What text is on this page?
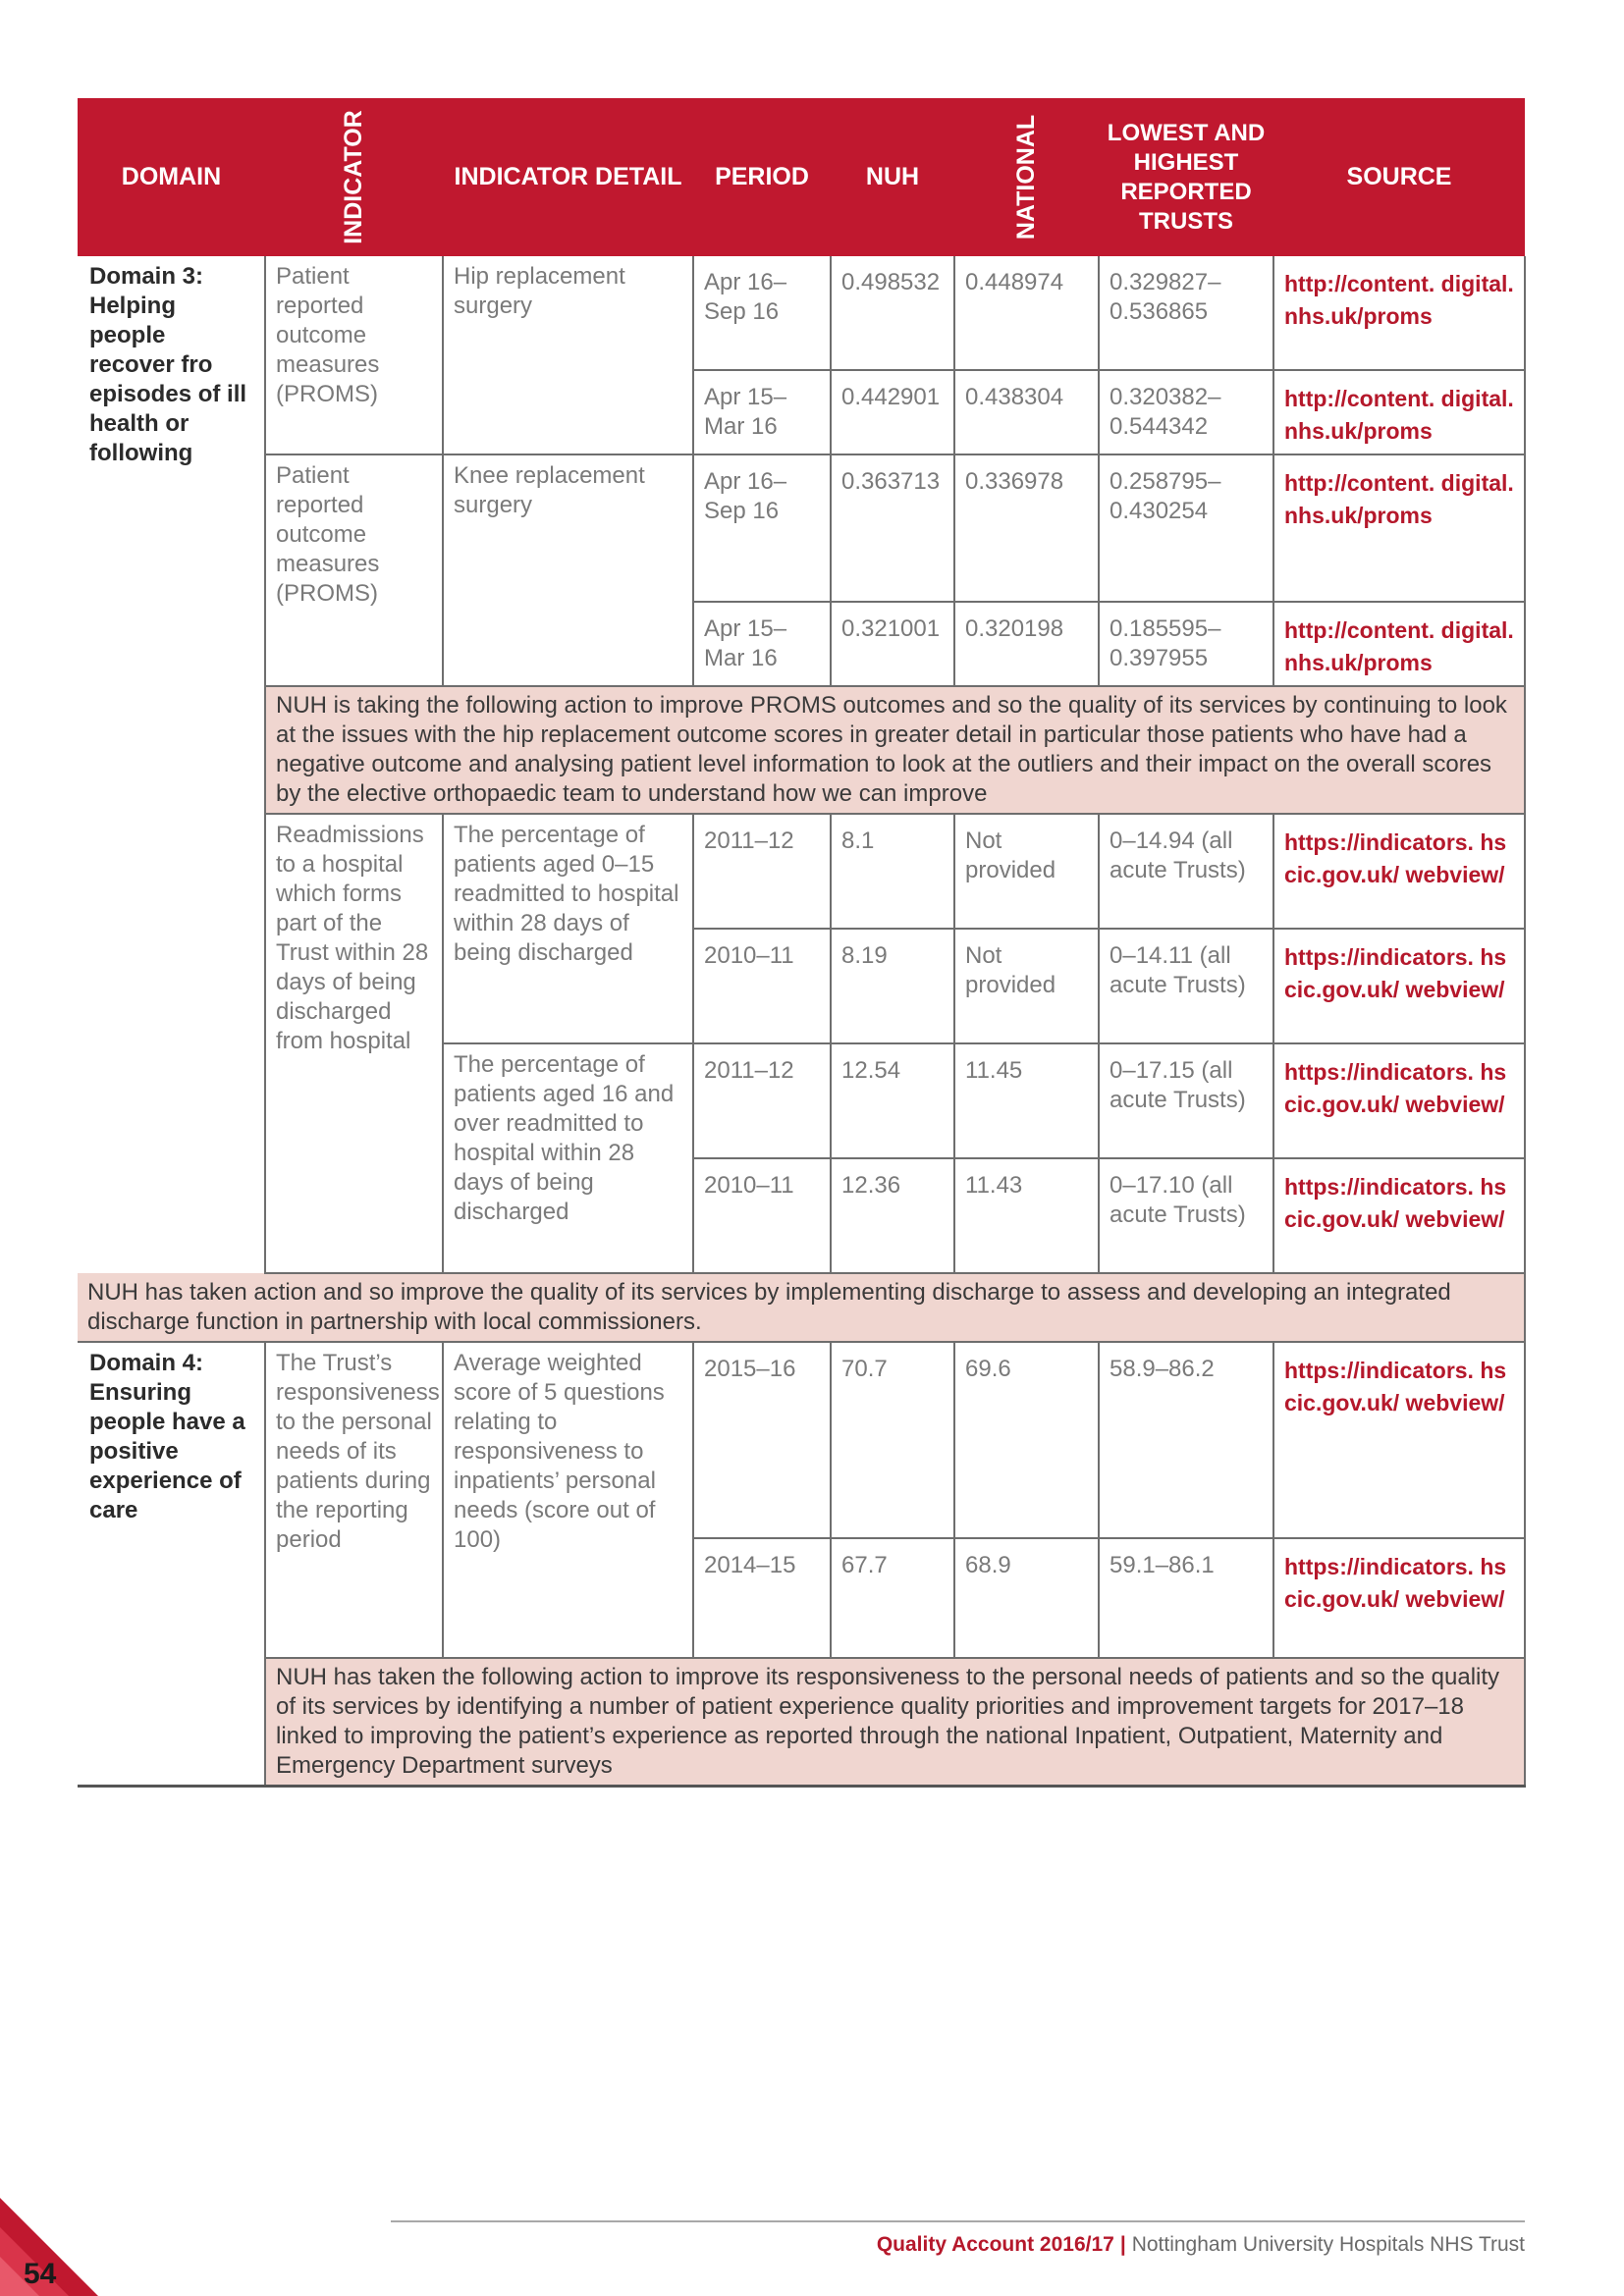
DOMAIN	INDICATOR	INDICATOR DETAIL	PERIOD	NUH	NATIONAL	LOWEST AND HIGHEST REPORTED TRUSTS	SOURCE
Domain 3: Helping people recover fro episodes of ill health or following	Patient reported outcome measures (PROMS)	Hip replacement surgery	Apr 16– Sep 16	0.498532	0.448974	0.329827– 0.536865	http://content. digital.nhs.uk/proms
			Apr 15– Mar 16	0.442901	0.438304	0.320382– 0.544342	http://content. digital.nhs.uk/proms
	Patient reported outcome measures (PROMS)	Knee replacement surgery	Apr 16– Sep 16	0.363713	0.336978	0.258795– 0.430254	http://content. digital.nhs.uk/proms
			Apr 15– Mar 16	0.321001	0.320198	0.185595– 0.397955	http://content. digital.nhs.uk/proms
	NUH is taking the following action to improve PROMS outcomes and so the quality of its services by continuing to look at the issues with the hip replacement outcome scores in greater detail in particular those patients who have had a negative outcome and analysing patient level information to look at the outliers and their impact on the overall scores by the elective orthopaedic team to understand how we can improve						
	Readmissions to a hospital which forms part of the Trust within 28 days of being discharged from hospital	The percentage of patients aged 0–15 readmitted to hospital within 28 days of being discharged	2011–12	8.1	Not provided	0–14.94 (all acute Trusts)	https://indicators. hscic.gov.uk/ webview/
			2010–11	8.19	Not provided	0–14.11 (all acute Trusts)	https://indicators. hscic.gov.uk/ webview/
		The percentage of patients aged 16 and over readmitted to hospital within 28 days of being discharged	2011–12	12.54	11.45	0–17.15 (all acute Trusts)	https://indicators. hscic.gov.uk/ webview/
			2010–11	12.36	11.43	0–17.10 (all acute Trusts)	https://indicators. hscic.gov.uk/ webview/
NUH has taken action and so improve the quality of its services by implementing discharge to assess and developing an integrated discharge function in partnership with local commissioners.							
Domain 4: Ensuring people have a positive experience of care	The Trust’s responsiveness to the personal needs of its patients during the reporting period	Average weighted score of 5 questions relating to responsiveness to inpatients’ personal needs (score out of 100)	2015–16	70.7	69.6	58.9–86.2	https://indicators. hscic.gov.uk/ webview/
			2014–15	67.7	68.9	59.1–86.1	https://indicators. hscic.gov.uk/ webview/
	NUH has taken the following action to improve its responsiveness to the personal needs of patients and so the quality of its services by identifying a number of patient experience quality priorities and improvement targets for 2017–18 linked to improving the patient’s experience as reported through the national Inpatient, Outpatient, Maternity and Emergency Department surveys						
Quality Account 2016/17 | Nottingham University Hospitals NHS Trust
54
